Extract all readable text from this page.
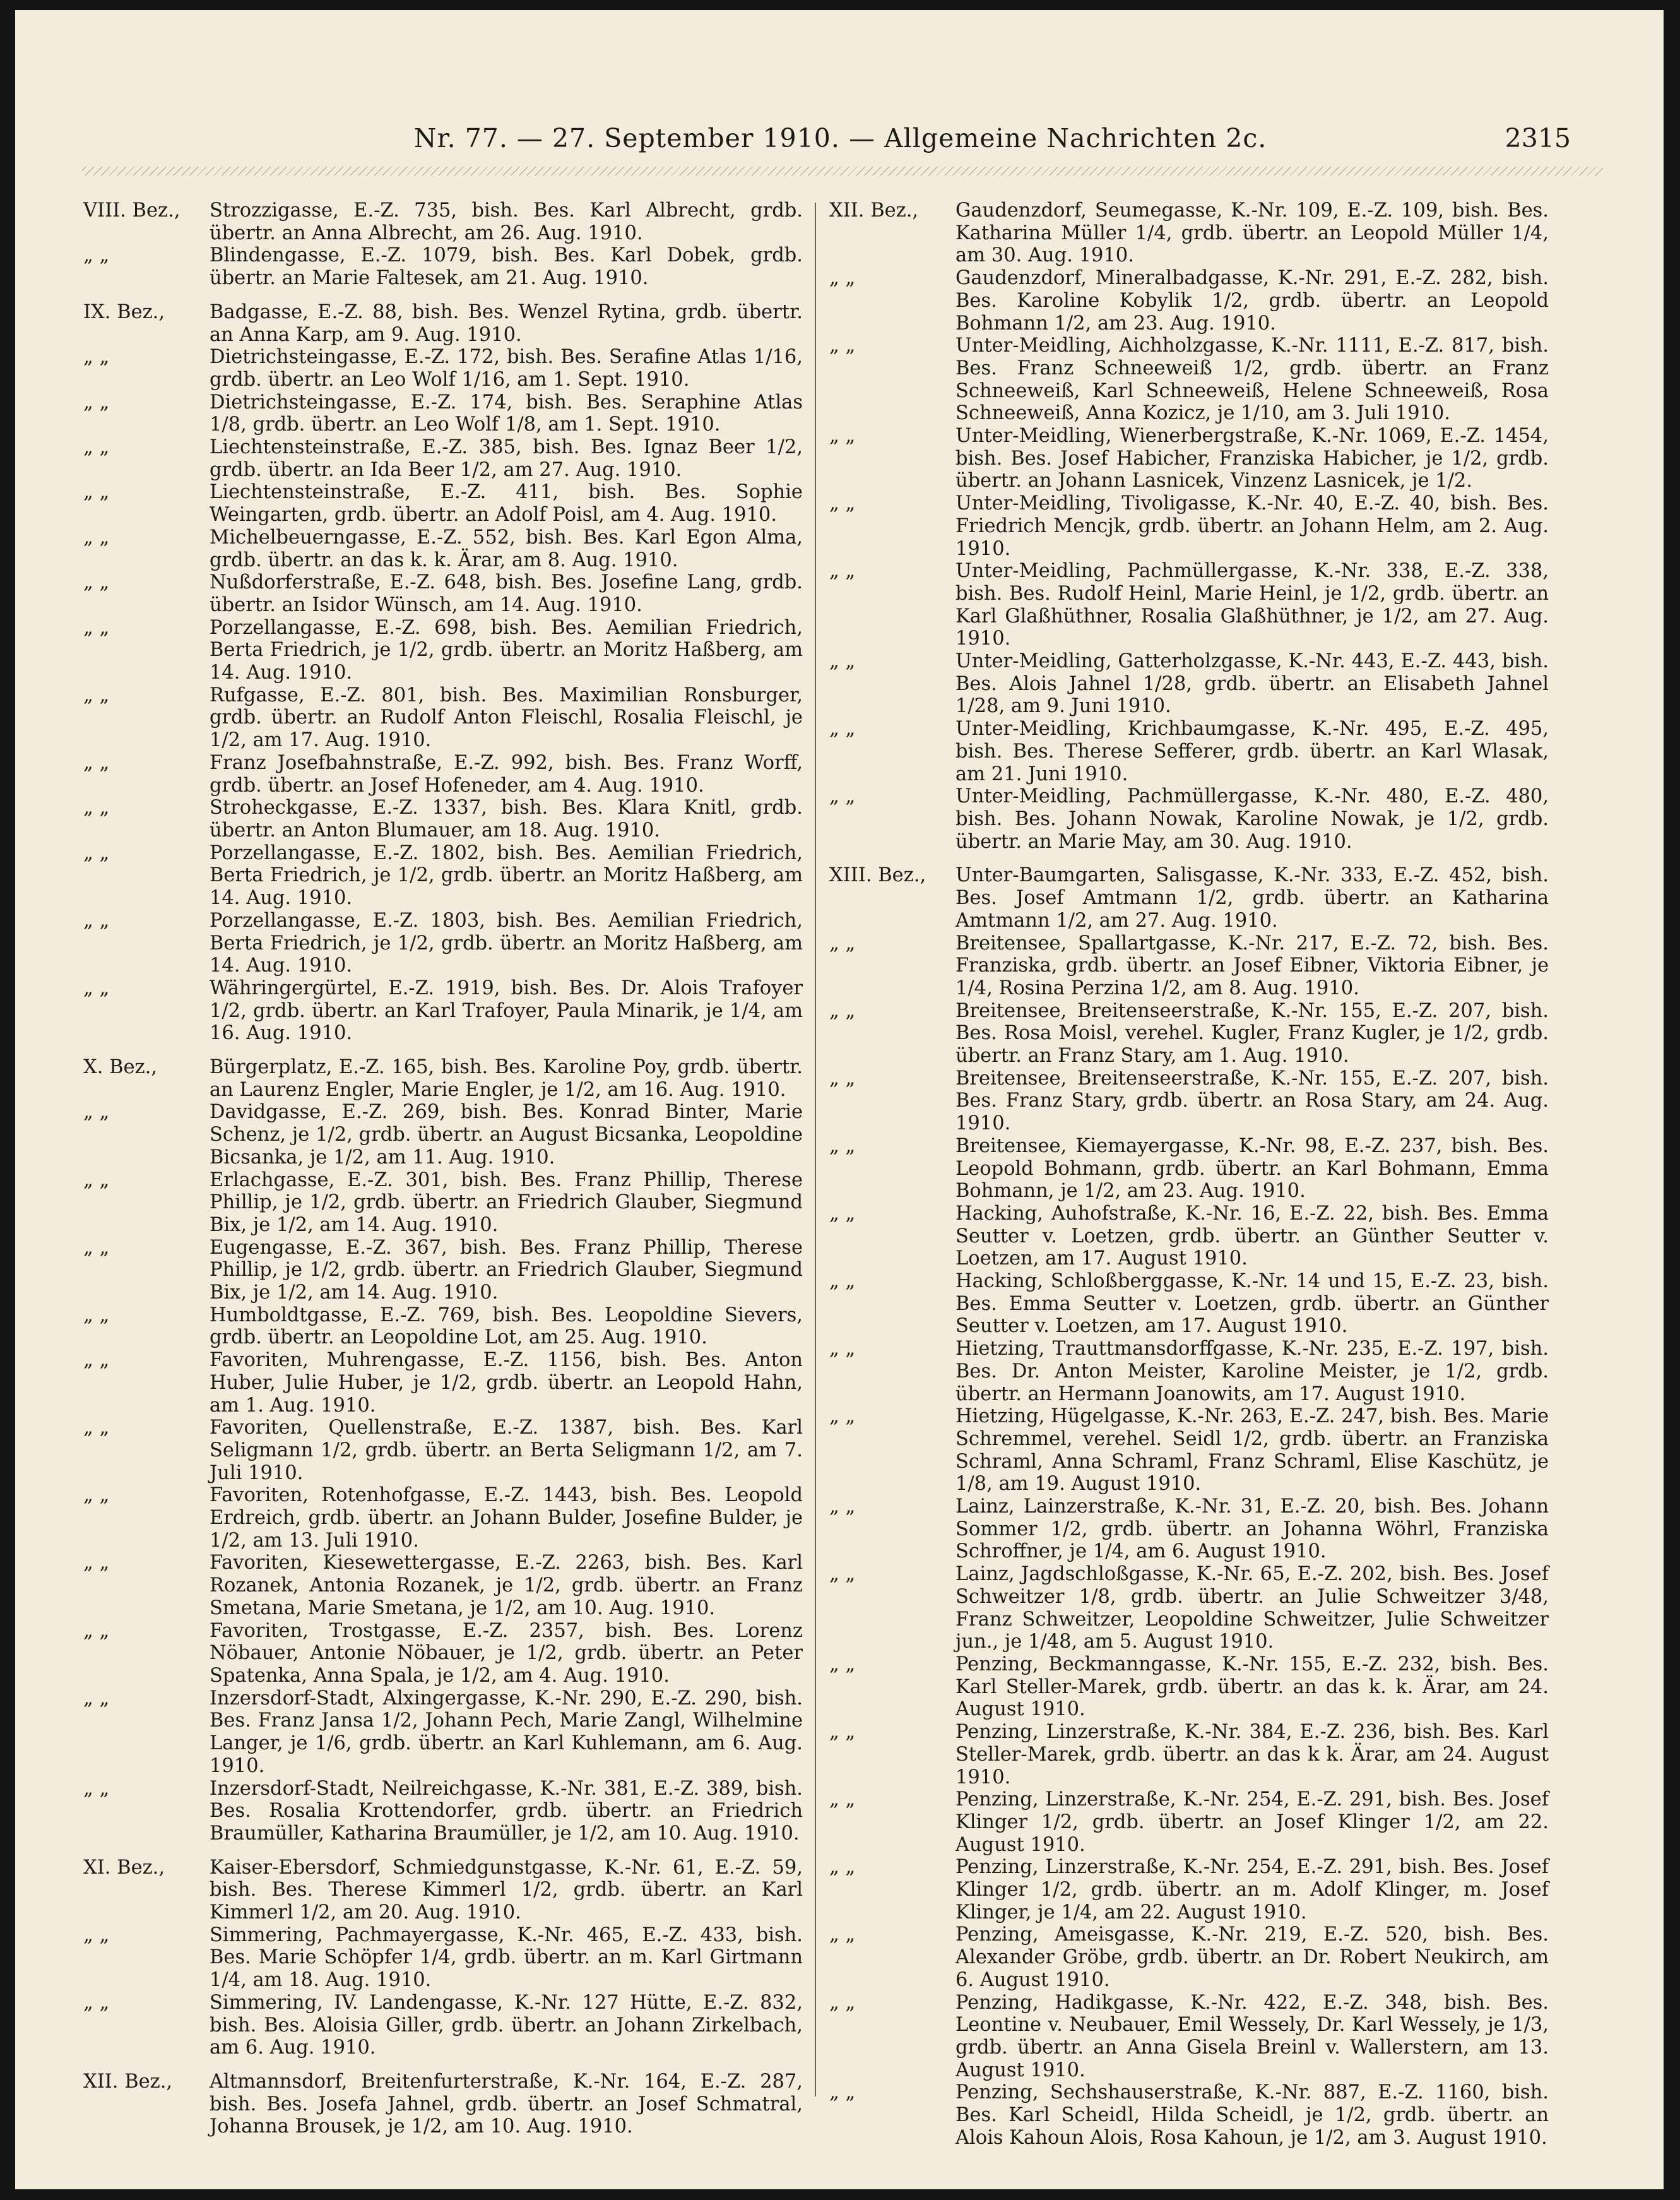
Nr. 77. — 27. September 1910. — Allgemeine Nachrichten 2c.	2315
VIII. Bez.,	Strozzigasse, E.-Z. 735, bish. Bes. Karl Albrecht, grdb. übertr. an Anna Albrecht, am 26. Aug. 1910.
„ „	Blindengasse, E.-Z. 1079, bish. Bes. Karl Dobek, grdb. übertr. an Marie Faltesek, am 21. Aug. 1910.
IX. Bez.,	Badgasse, E.-Z. 88, bish. Bes. Wenzel Rytina, grdb. übertr. an Anna Karp, am 9. Aug. 1910.
„ „	Dietrichsteingasse, E.-Z. 172, bish. Bes. Serafine Atlas 1/16, grdb. übertr. an Leo Wolf 1/16, am 1. Sept. 1910.
„ „	Dietrichsteingasse, E.-Z. 174, bish. Bes. Seraphine Atlas 1/8, grdb. übertr. an Leo Wolf 1/8, am 1. Sept. 1910.
„ „	Liechtensteinstraße, E.-Z. 385, bish. Bes. Ignaz Beer 1/2, grdb. übertr. an Ida Beer 1/2, am 27. Aug. 1910.
„ „	Liechtensteinstraße, E.-Z. 411, bish. Bes. Sophie Weingarten, grdb. übertr. an Adolf Poisl, am 4. Aug. 1910.
„ „	Michelbeuerngasse, E.-Z. 552, bish. Bes. Karl Egon Alma, grdb. übertr. an das k. k. Ärar, am 8. Aug. 1910.
„ „	Nußdorferstraße, E.-Z. 648, bish. Bes. Josefine Lang, grdb. übertr. an Isidor Wünsch, am 14. Aug. 1910.
„ „	Porzellangasse, E.-Z. 698, bish. Bes. Aemilian Friedrich, Berta Friedrich, je 1/2, grdb. übertr. an Moritz Haßberg, am 14. Aug. 1910.
„ „	Rufgasse, E.-Z. 801, bish. Bes. Maximilian Ronsburger, grdb. übertr. an Rudolf Anton Fleischl, Rosalia Fleischl, je 1/2, am 17. Aug. 1910.
„ „	Franz Josefbahnstraße, E.-Z. 992, bish. Bes. Franz Worff, grdb. übertr. an Josef Hofeneder, am 4. Aug. 1910.
„ „	Stroheckgasse, E.-Z. 1337, bish. Bes. Klara Knitl, grdb. übertr. an Anton Blumauer, am 18. Aug. 1910.
„ „	Porzellangasse, E.-Z. 1802, bish. Bes. Aemilian Friedrich, Berta Friedrich, je 1/2, grdb. übertr. an Moritz Haßberg, am 14. Aug. 1910.
„ „	Porzellangasse, E.-Z. 1803, bish. Bes. Aemilian Friedrich, Berta Friedrich, je 1/2, grdb. übertr. an Moritz Haßberg, am 14. Aug. 1910.
„ „	Währingergürtel, E.-Z. 1919, bish. Bes. Dr. Alois Trafoyer 1/2, grdb. übertr. an Karl Trafoyer, Paula Minarik, je 1/4, am 16. Aug. 1910.
X. Bez.,	Bürgerplatz, E.-Z. 165, bish. Bes. Karoline Poy, grdb. übertr. an Laurenz Engler, Marie Engler, je 1/2, am 16. Aug. 1910.
„ „	Davidgasse, E.-Z. 269, bish. Bes. Konrad Binter, Marie Schenz, je 1/2, grdb. übertr. an August Bicsanka, Leopoldine Bicsanka, je 1/2, am 11. Aug. 1910.
„ „	Erlachgasse, E.-Z. 301, bish. Bes. Franz Phillip, Therese Phillip, je 1/2, grdb. übertr. an Friedrich Glauber, Siegmund Bix, je 1/2, am 14. Aug. 1910.
„ „	Eugengasse, E.-Z. 367, bish. Bes. Franz Phillip, Therese Phillip, je 1/2, grdb. übertr. an Friedrich Glauber, Siegmund Bix, je 1/2, am 14. Aug. 1910.
„ „	Humboldtgasse, E.-Z. 769, bish. Bes. Leopoldine Sievers, grdb. übertr. an Leopoldine Lot, am 25. Aug. 1910.
„ „	Favoriten, Muhrengasse, E.-Z. 1156, bish. Bes. Anton Huber, Julie Huber, je 1/2, grdb. übertr. an Leopold Hahn, am 1. Aug. 1910.
„ „	Favoriten, Quellenstraße, E.-Z. 1387, bish. Bes. Karl Seligmann 1/2, grdb. übertr. an Berta Seligmann 1/2, am 7. Juli 1910.
„ „	Favoriten, Rotenhofgasse, E.-Z. 1443, bish. Bes. Leopold Erdreich, grdb. übertr. an Johann Bulder, Josefine Bulder, je 1/2, am 13. Juli 1910.
„ „	Favoriten, Kiesewettergasse, E.-Z. 2263, bish. Bes. Karl Rozanek, Antonia Rozanek, je 1/2, grdb. übertr. an Franz Smetana, Marie Smetana, je 1/2, am 10. Aug. 1910.
„ „	Favoriten, Trostgasse, E.-Z. 2357, bish. Bes. Lorenz Nöbauer, Antonie Nöbauer, je 1/2, grdb. übertr. an Peter Spatenka, Anna Spala, je 1/2, am 4. Aug. 1910.
„ „	Inzersdorf-Stadt, Alxingergasse, K.-Nr. 290, E.-Z. 290, bish. Bes. Franz Jansa 1/2, Johann Pech, Marie Zangl, Wilhelmine Langer, je 1/6, grdb. übertr. an Karl Kuhlemann, am 6. Aug. 1910.
„ „	Inzersdorf-Stadt, Neilreichgasse, K.-Nr. 381, E.-Z. 389, bish. Bes. Rosalia Krottendorfer, grdb. übertr. an Friedrich Braumüller, Katharina Braumüller, je 1/2, am 10. Aug. 1910.
XI. Bez.,	Kaiser-Ebersdorf, Schmiedgunstgasse, K.-Nr. 61, E.-Z. 59, bish. Bes. Therese Kimmerl 1/2, grdb. übertr. an Karl Kimmerl 1/2, am 20. Aug. 1910.
„ „	Simmering, Pachmayergasse, K.-Nr. 465, E.-Z. 433, bish. Bes. Marie Schöpfer 1/4, grdb. übertr. an m. Karl Girtmann 1/4, am 18. Aug. 1910.
„ „	Simmering, IV. Landengasse, K.-Nr. 127 Hütte, E.-Z. 832, bish. Bes. Aloisia Giller, grdb. übertr. an Johann Zirkelbach, am 6. Aug. 1910.
XII. Bez.,	Altmannsdorf, Breitenfurterstraße, K.-Nr. 164, E.-Z. 287, bish. Bes. Josefa Jahnel, grdb. übertr. an Josef Schmatral, Johanna Brousek, je 1/2, am 10. Aug. 1910.
XII. Bez.,	Gaudenzdorf, Seumegasse, K.-Nr. 109, E.-Z. 109, bish. Bes. Katharina Müller 1/4, grdb. übertr. an Leopold Müller 1/4, am 30. Aug. 1910.
„ „	Gaudenzdorf, Mineralbadgasse, K.-Nr. 291, E.-Z. 282, bish. Bes. Karoline Kobylik 1/2, grdb. übertr. an Leopold Bohmann 1/2, am 23. Aug. 1910.
„ „	Unter-Meidling, Aichholzgasse, K.-Nr. 1111, E.-Z. 817, bish. Bes. Franz Schneeweiß 1/2, grdb. übertr. an Franz Schneeweiß, Karl Schneeweiß, Helene Schneeweiß, Rosa Schneeweiß, Anna Kozicz, je 1/10, am 3. Juli 1910.
„ „	Unter-Meidling, Wienerbergstraße, K.-Nr. 1069, E.-Z. 1454, bish. Bes. Josef Habicher, Franziska Habicher, je 1/2, grdb. übertr. an Johann Lasnicek, Vinzenz Lasnicek, je 1/2.
„ „	Unter-Meidling, Tivoligasse, K.-Nr. 40, E.-Z. 40, bish. Bes. Friedrich Mencjk, grdb. übertr. an Johann Helm, am 2. Aug. 1910.
„ „	Unter-Meidling, Pachmüllergasse, K.-Nr. 338, E.-Z. 338, bish. Bes. Rudolf Heinl, Marie Heinl, je 1/2, grdb. übertr. an Karl Glaßhüthner, Rosalia Glaßhüthner, je 1/2, am 27. Aug. 1910.
„ „	Unter-Meidling, Gatterholzgasse, K.-Nr. 443, E.-Z. 443, bish. Bes. Alois Jahnel 1/28, grdb. übertr. an Elisabeth Jahnel 1/28, am 9. Juni 1910.
„ „	Unter-Meidling, Krichbaumgasse, K.-Nr. 495, E.-Z. 495, bish. Bes. Therese Sefferer, grdb. übertr. an Karl Wlasak, am 21. Juni 1910.
„ „	Unter-Meidling, Pachmüllergasse, K.-Nr. 480, E.-Z. 480, bish. Bes. Johann Nowak, Karoline Nowak, je 1/2, grdb. übertr. an Marie May, am 30. Aug. 1910.
XIII. Bez.,	Unter-Baumgarten, Salisgasse, K.-Nr. 333, E.-Z. 452, bish. Bes. Josef Amtmann 1/2, grdb. übertr. an Katharina Amtmann 1/2, am 27. Aug. 1910.
„ „	Breitensee, Spallartgasse, K.-Nr. 217, E.-Z. 72, bish. Bes. Franziska, grdb. übertr. an Josef Eibner, Viktoria Eibner, je 1/4, Rosina Perzina 1/2, am 8. Aug. 1910.
„ „	Breitensee, Breitenseerstraße, K.-Nr. 155, E.-Z. 207, bish. Bes. Rosa Moisl, verehel. Kugler, Franz Kugler, je 1/2, grdb. übertr. an Franz Stary, am 1. Aug. 1910.
„ „	Breitensee, Breitenseerstraße, K.-Nr. 155, E.-Z. 207, bish. Bes. Franz Stary, grdb. übertr. an Rosa Stary, am 24. Aug. 1910.
„ „	Breitensee, Kiemayergasse, K.-Nr. 98, E.-Z. 237, bish. Bes. Leopold Bohmann, grdb. übertr. an Karl Bohmann, Emma Bohmann, je 1/2, am 23. Aug. 1910.
„ „	Hacking, Auhofstraße, K.-Nr. 16, E.-Z. 22, bish. Bes. Emma Seutter v. Loetzen, grdb. übertr. an Günther Seutter v. Loetzen, am 17. August 1910.
„ „	Hacking, Schloßberggasse, K.-Nr. 14 und 15, E.-Z. 23, bish. Bes. Emma Seutter v. Loetzen, grdb. übertr. an Günther Seutter v. Loetzen, am 17. August 1910.
„ „	Hietzing, Trauttmansdorffgasse, K.-Nr. 235, E.-Z. 197, bish. Bes. Dr. Anton Meister, Karoline Meister, je 1/2, grdb. übertr. an Hermann Joanowits, am 17. August 1910.
„ „	Hietzing, Hügelgasse, K.-Nr. 263, E.-Z. 247, bish. Bes. Marie Schremmel, verehel. Seidl 1/2, grdb. übertr. an Franziska Schraml, Anna Schraml, Franz Schraml, Elise Kaschütz, je 1/8, am 19. August 1910.
„ „	Lainz, Lainzerstraße, K.-Nr. 31, E.-Z. 20, bish. Bes. Johann Sommer 1/2, grdb. übertr. an Johanna Wöhrl, Franziska Schroffner, je 1/4, am 6. August 1910.
„ „	Lainz, Jagdschloßgasse, K.-Nr. 65, E.-Z. 202, bish. Bes. Josef Schweitzer 1/8, grdb. übertr. an Julie Schweitzer 3/48, Franz Schweitzer, Leopoldine Schweitzer, Julie Schweitzer jun., je 1/48, am 5. August 1910.
„ „	Penzing, Beckmanngasse, K.-Nr. 155, E.-Z. 232, bish. Bes. Karl Steller-Marek, grdb. übertr. an das k. k. Ärar, am 24. August 1910.
„ „	Penzing, Linzerstraße, K.-Nr. 384, E.-Z. 236, bish. Bes. Karl Steller-Marek, grdb. übertr. an das k k. Ärar, am 24. August 1910.
„ „	Penzing, Linzerstraße, K.-Nr. 254, E.-Z. 291, bish. Bes. Josef Klinger 1/2, grdb. übertr. an Josef Klinger 1/2, am 22. August 1910.
„ „	Penzing, Linzerstraße, K.-Nr. 254, E.-Z. 291, bish. Bes. Josef Klinger 1/2, grdb. übertr. an m. Adolf Klinger, m. Josef Klinger, je 1/4, am 22. August 1910.
„ „	Penzing, Ameisgasse, K.-Nr. 219, E.-Z. 520, bish. Bes. Alexander Gröbe, grdb. übertr. an Dr. Robert Neukirch, am 6. August 1910.
„ „	Penzing, Hadikgasse, K.-Nr. 422, E.-Z. 348, bish. Bes. Leontine v. Neubauer, Emil Wessely, Dr. Karl Wessely, je 1/3, grdb. übertr. an Anna Gisela Breinl v. Wallerstern, am 13. August 1910.
„ „	Penzing, Sechshauserstraße, K.-Nr. 887, E.-Z. 1160, bish. Bes. Karl Scheidl, Hilda Scheidl, je 1/2, grdb. übertr. an Alois Kahoun Alois, Rosa Kahoun, je 1/2, am 3. August 1910.
